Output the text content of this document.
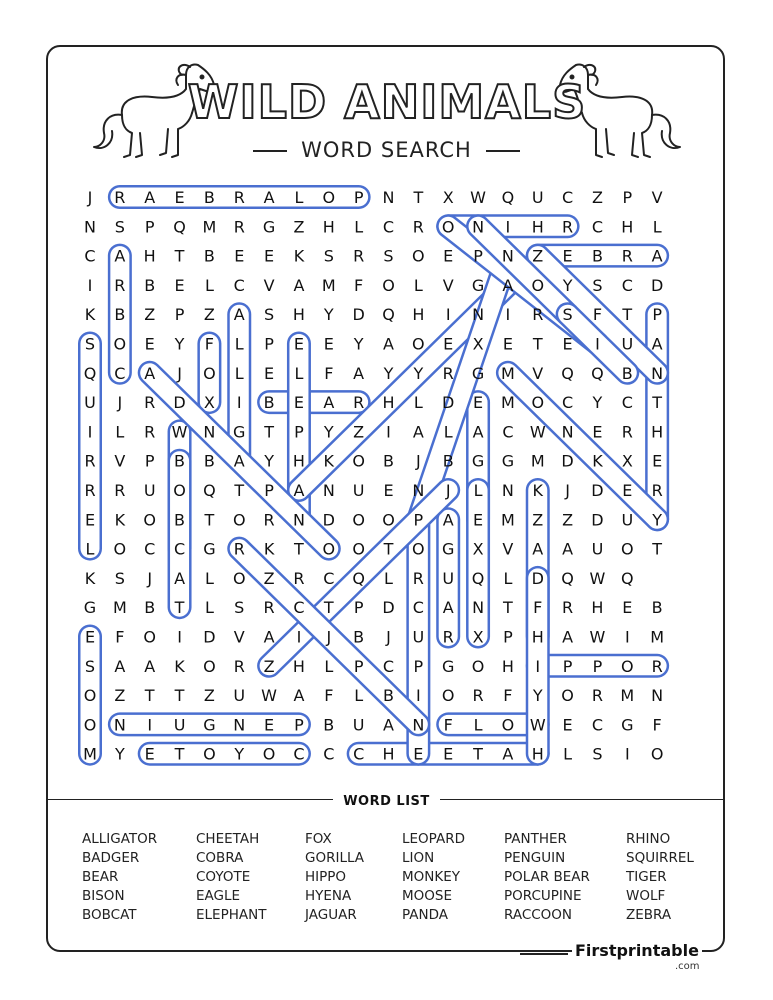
WILD ANIMALS
WORD SEARCH
J R A E B R A L O P N T X W Q U C Z P V
N S P Q M R G Z H L C R O N I H R C H L
C A H T B E E K S R S O E P N Z E B R A
I R B E L C V A M F O L V G A O Y S C D
K B Z P Z A S H Y D Q H I N I R S F T P
S O E Y F L P E E Y A O E X E T E I U A
Q C A J O L E L F A Y Y R G M V Q Q B N
U J R D X I B E A R H L D E M O C Y C T
I L R W N G T P Y Z I A L A C W N E R H
R V P B B A Y H K O B J B G G M D K X E
R R U O Q T P A N U E N J L N K J D E R
E K O B T O R N D O O P A E M Z Z D U Y
L O C C G R K T O O T O G X V A A U O T
K S J A L O Z R C Q L R U Q L D Q W Q
G M B T L S R C T P D C A N T F R H E B
E F O I D V A I J B J U R X P H A W I M
S A A K O R Z H L P C P G O H I P P O R
O Z T T Z U W A F L B I O R F Y O R M N
O N I U G N E P B U A N F L O W E C G F
M Y E T O Y O C C C H E E T A H L S I O
WORD LIST
ALLIGATOR
BADGER
BEAR
BISON
BOBCAT
CHEETAH
COBRA
COYOTE
EAGLE
ELEPHANT
FOX
GORILLA
HIPPO
HYENA
JAGUAR
LEOPARD
LION
MONKEY
MOOSE
PANDA
PANTHER
PENGUIN
POLAR BEAR
PORCUPINE
RACCOON
RHINO
SQUIRREL
TIGER
WOLF
ZEBRA
Firstprintable
.com
